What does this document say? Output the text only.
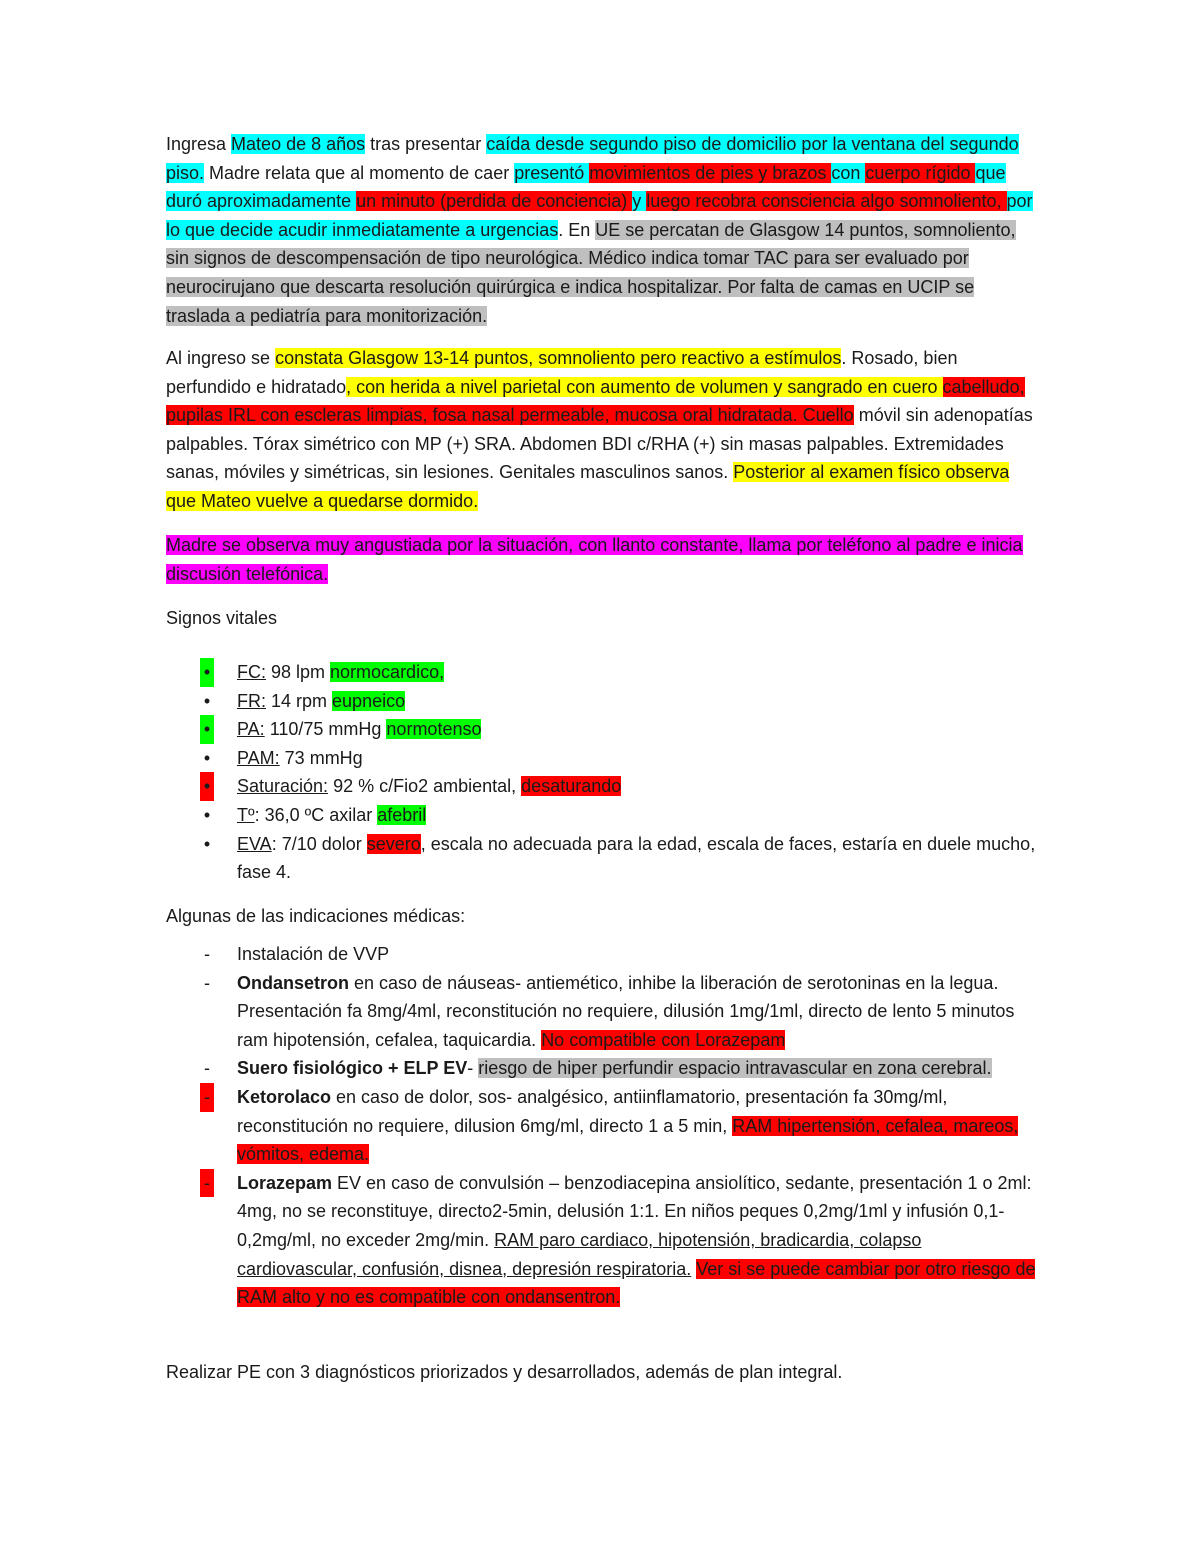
Ingresa Mateo de 8 años tras presentar caída desde segundo piso de domicilio por la ventana del segundo piso. Madre relata que al momento de caer presentó movimientos de pies y brazos con cuerpo rígido que duró aproximadamente un minuto (perdida de conciencia) y luego recobra consciencia algo somnoliento, por lo que decide acudir inmediatamente a urgencias. En UE se percatan de Glasgow 14 puntos, somnoliento, sin signos de descompensación de tipo neurológica. Médico indica tomar TAC para ser evaluado por neurocirujano que descarta resolución quirúrgica e indica hospitalizar. Por falta de camas en UCIP se traslada a pediatría para monitorización.

Al ingreso se constata Glasgow 13-14 puntos, somnoliento pero reactivo a estímulos. Rosado, bien perfundido e hidratado, con herida a nivel parietal con aumento de volumen y sangrado en cuero cabelludo, pupilas IRL con escleras limpias, fosa nasal permeable, mucosa oral hidratada. Cuello móvil sin adenopatías palpables. Tórax simétrico con MP (+) SRA. Abdomen BDI c/RHA (+) sin masas palpables. Extremidades sanas, móviles y simétricas, sin lesiones. Genitales masculinos sanos. Posterior al examen físico observa que Mateo vuelve a quedarse dormido.

Madre se observa muy angustiada por la situación, con llanto constante, llama por teléfono al padre e inicia discusión telefónica.

Signos vitales

• FC: 98 lpm normocardico,
• FR: 14 rpm eupneico
• PA: 110/75 mmHg normotenso
• PAM: 73 mmHg
• Saturación: 92 % c/Fio2 ambiental, desaturando
• Tº: 36,0 ºC axilar afebril
• EVA: 7/10 dolor severo, escala no adecuada para la edad, escala de faces, estaría en duele mucho, fase 4.

Algunas de las indicaciones médicas:

- Instalación de VVP
- Ondansetron en caso de náuseas- antiemético, inhibe la liberación de serotoninas en la legua. Presentación fa 8mg/4ml, reconstitución no requiere, dilusión 1mg/1ml, directo de lento 5 minutos ram hipotensión, cefalea, taquicardia. No compatible con Lorazepam
- Suero fisiológico + ELP EV- riesgo de hiper perfundir espacio intravascular en zona cerebral.
- Ketorolaco en caso de dolor, sos- analgésico, antiinflamatorio, presentación fa 30mg/ml, reconstitución no requiere, dilusion 6mg/ml, directo 1 a 5 min, RAM hipertensión, cefalea, mareos, vómitos, edema.
- Lorazepam EV en caso de convulsión – benzodiacepina ansiolítico, sedante, presentación 1 o 2ml: 4mg, no se reconstituye, directo2-5min, delusión 1:1. En niños peques 0,2mg/1ml y infusión 0,1-0,2mg/ml, no exceder 2mg/min. RAM paro cardiaco, hipotensión, bradicardia, colapso cardiovascular, confusión, disnea, depresión respiratoria. Ver si se puede cambiar por otro riesgo de RAM alto y no es compatible con ondansentron.

Realizar PE con 3 diagnósticos priorizados y desarrollados, además de plan integral.
